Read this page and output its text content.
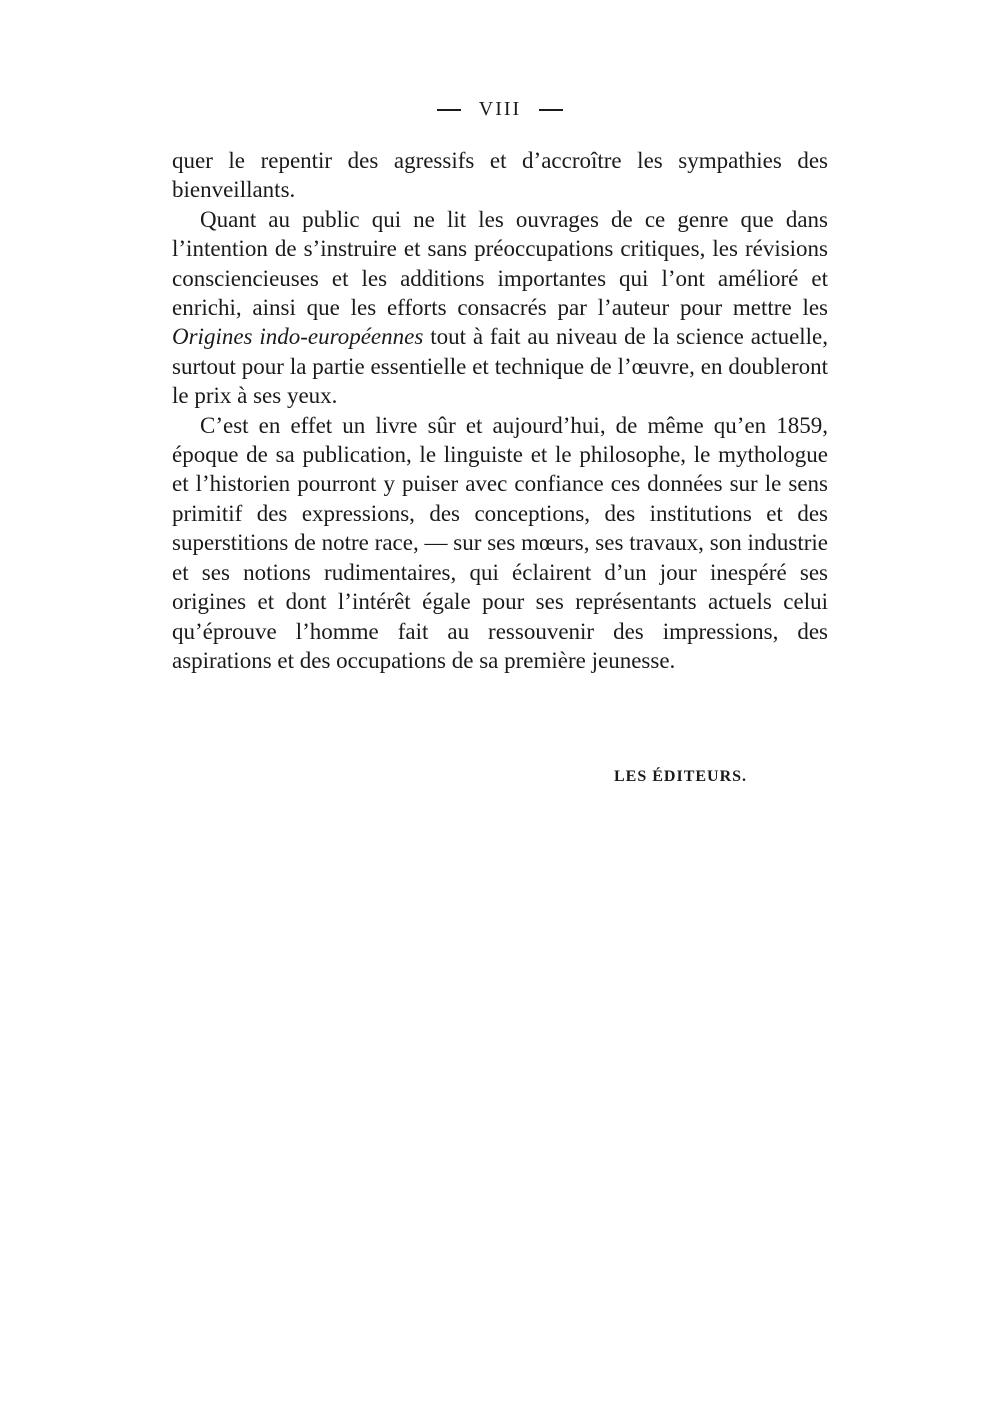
VIII

quer le repentir des agressifs et d’accroître les sympathies des bienveillants.

Quant au public qui ne lit les ouvrages de ce genre que dans l’intention de s’instruire et sans préoccupations critiques, les révisions consciencieuses et les additions importantes qui l’ont amélioré et enrichi, ainsi que les efforts consacrés par l’auteur pour mettre les Origines indo-européennes tout à fait au niveau de la science actuelle, surtout pour la partie essentielle et technique de l’œuvre, en doubleront le prix à ses yeux.

C’est en effet un livre sûr et aujourd’hui, de même qu’en 1859, époque de sa publication, le linguiste et le philosophe, le mythologue et l’historien pourront y puiser avec confiance ces données sur le sens primitif des expressions, des conceptions, des institutions et des superstitions de notre race, — sur ses mœurs, ses travaux, son industrie et ses notions rudimentaires, qui éclairent d’un jour inespéré ses origines et dont l’intérêt égale pour ses représentants actuels celui qu’éprouve l’homme fait au ressouvenir des impressions, des aspirations et des occupations de sa première jeunesse.

LES ÉDITEURS.
